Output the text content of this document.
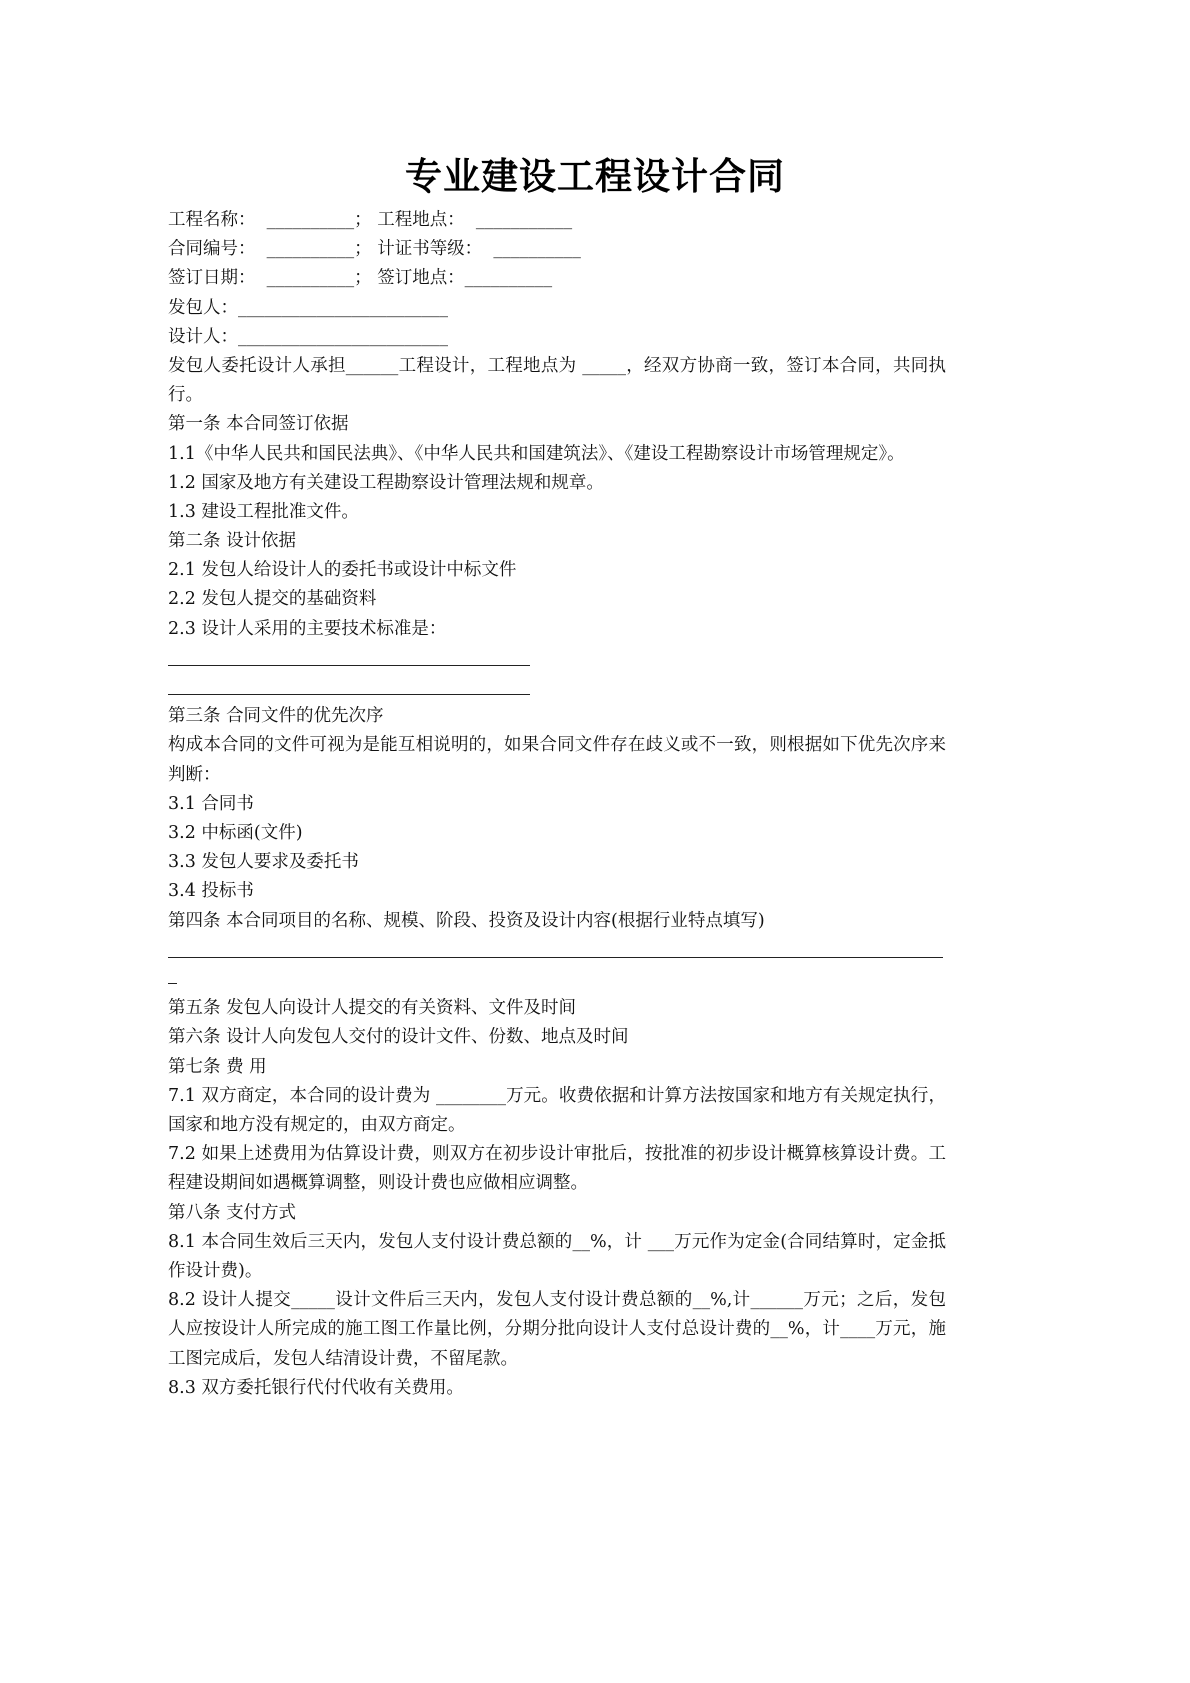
专业建设工程设计合同
工程名称：  __________； 工程地点：  ___________
合同编号：  __________； 计证书等级：  __________
签订日期：  __________； 签订地点：__________
发包人：________________________
设计人：________________________
发包人委托设计人承担______工程设计，工程地点为 _____，经双方协商一致，签订本合同，共同执行。
第一条 本合同签订依据
1.1《中华人民共和国民法典》、《中华人民共和国建筑法》、《建设工程勘察设计市场管理规定》。
1.2 国家及地方有关建设工程勘察设计管理法规和规章。
1.3 建设工程批准文件。
第二条 设计依据
2.1 发包人给设计人的委托书或设计中标文件
2.2 发包人提交的基础资料
2.3 设计人采用的主要技术标准是：
第三条 合同文件的优先次序
构成本合同的文件可视为是能互相说明的，如果合同文件存在歧义或不一致，则根据如下优先次序来判断：
3.1 合同书
3.2 中标函(文件)
3.3 发包人要求及委托书
3.4 投标书
第四条 本合同项目的名称、规模、阶段、投资及设计内容(根据行业特点填写)
第五条 发包人向设计人提交的有关资料、文件及时间
第六条 设计人向发包人交付的设计文件、份数、地点及时间
第七条 费 用
7.1 双方商定，本合同的设计费为 ________万元。收费依据和计算方法按国家和地方有关规定执行，国家和地方没有规定的，由双方商定。
7.2 如果上述费用为估算设计费，则双方在初步设计审批后，按批准的初步设计概算核算设计费。工程建设期间如遇概算调整，则设计费也应做相应调整。
第八条 支付方式
8.1 本合同生效后三天内，发包人支付设计费总额的__%，计 ___万元作为定金(合同结算时，定金抵作设计费)。
8.2 设计人提交_____设计文件后三天内，发包人支付设计费总额的__%,计______万元；之后，发包人应按设计人所完成的施工图工作量比例，分期分批向设计人支付总设计费的__%，计____万元，施工图完成后，发包人结清设计费，不留尾款。
8.3 双方委托银行代付代收有关费用。
